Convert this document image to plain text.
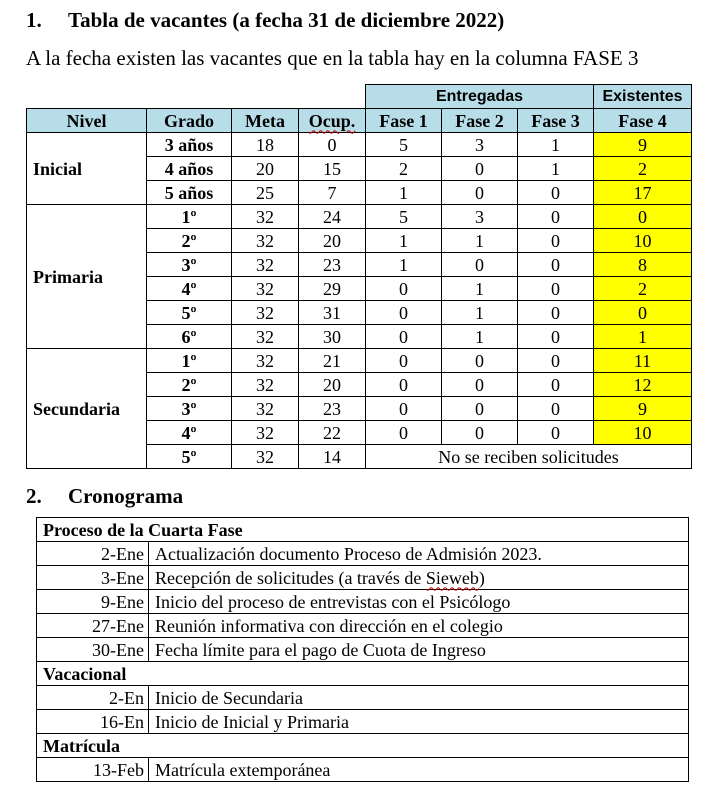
1. Tabla de vacantes (a fecha 31 de diciembre 2022)
A la fecha existen las vacantes que en la tabla hay en la columna FASE 3
				Entregadas			Existentes
Nivel	Grado	Meta	Ocup.	Fase 1	Fase 2	Fase 3	Fase 4
Inicial	3 años	18	0	5	3	1	9
	4 años	20	15	2	0	1	2
	5 años	25	7	1	0	0	17
Primaria	1º	32	24	5	3	0	0
	2º	32	20	1	1	0	10
	3º	32	23	1	0	0	8
	4º	32	29	0	1	0	2
	5º	32	31	0	1	0	0
	6º	32	30	0	1	0	1
Secundaria	1º	32	21	0	0	0	11
	2º	32	20	0	0	0	12
	3º	32	23	0	0	0	9
	4º	32	22	0	0	0	10
	5º	32	14	No se reciben solicitudes			
2. Cronograma
Proceso de la Cuarta Fase	
2-Ene	Actualización documento Proceso de Admisión 2023.
3-Ene	Recepción de solicitudes (a través de Sieweb)
9-Ene	Inicio del proceso de entrevistas con el Psicólogo
27-Ene	Reunión informativa con dirección en el colegio
30-Ene	Fecha límite para el pago de Cuota de Ingreso
Vacacional	
2-En	Inicio de Secundaria
16-En	Inicio de Inicial y Primaria
Matrícula	
13-Feb	Matrícula extemporánea
